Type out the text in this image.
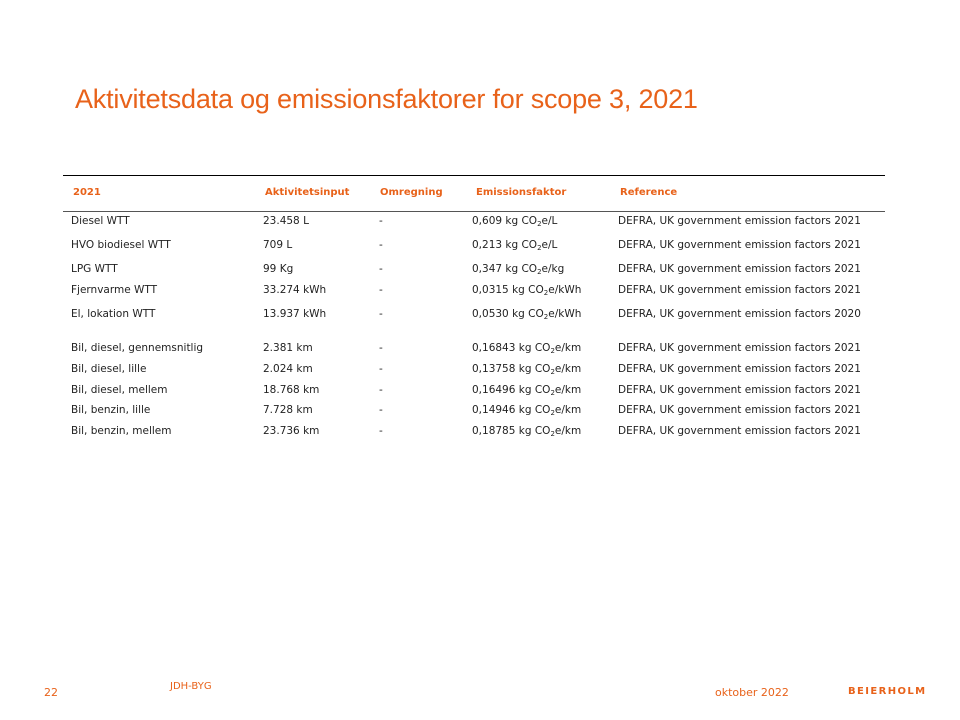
Aktivitetsdata og emissionsfaktorer for scope 3, 2021
2021	Aktivitetsinput	Omregning	Emissionsfaktor	Reference
Diesel WTT	23.458 L	-	0,609 kg $CO_2e/L$	DEFRA, UK government emission factors 2021
HVO biodiesel WTT	709 L	-	0,213 kg $CO_2e/L$	DEFRA, UK government emission factors 2021
LPG WTT	99 Kg	-	0,347 kg $CO_2e/kg$	DEFRA, UK government emission factors 2021
Fjernvarme WTT	33.274 kWh	-	0,0315 kg $CO_2e$/kWh	DEFRA, UK government emission factors 2021
El, lokation WTT	13.937 kWh	-	0,0530 kg $CO_2e$/kWh	DEFRA, UK government emission factors 2020
Bil, diesel, gennemsnitlig	2.381 km	-	0,16843 kg $CO_2e/km$	DEFRA, UK government emission factors 2021
Bil, diesel, lille	2.024 km	-	0,13758 kg $CO_2e/km$	DEFRA, UK government emission factors 2021
Bil, diesel, mellem	18.768 km	-	0,16496 kg $CO_2e/km$	DEFRA, UK government emission factors 2021
Bil, benzin, lille	7.728 km	-	0,14946 kg $CO_2e/km$	DEFRA, UK government emission factors 2021
Bil, benzin, mellem	23.736 km	-	0,18785 kg $CO_2e/km$	DEFRA, UK government emission factors 2021
22	JDH-BYG	oktober 2022	BEIERHOLM
